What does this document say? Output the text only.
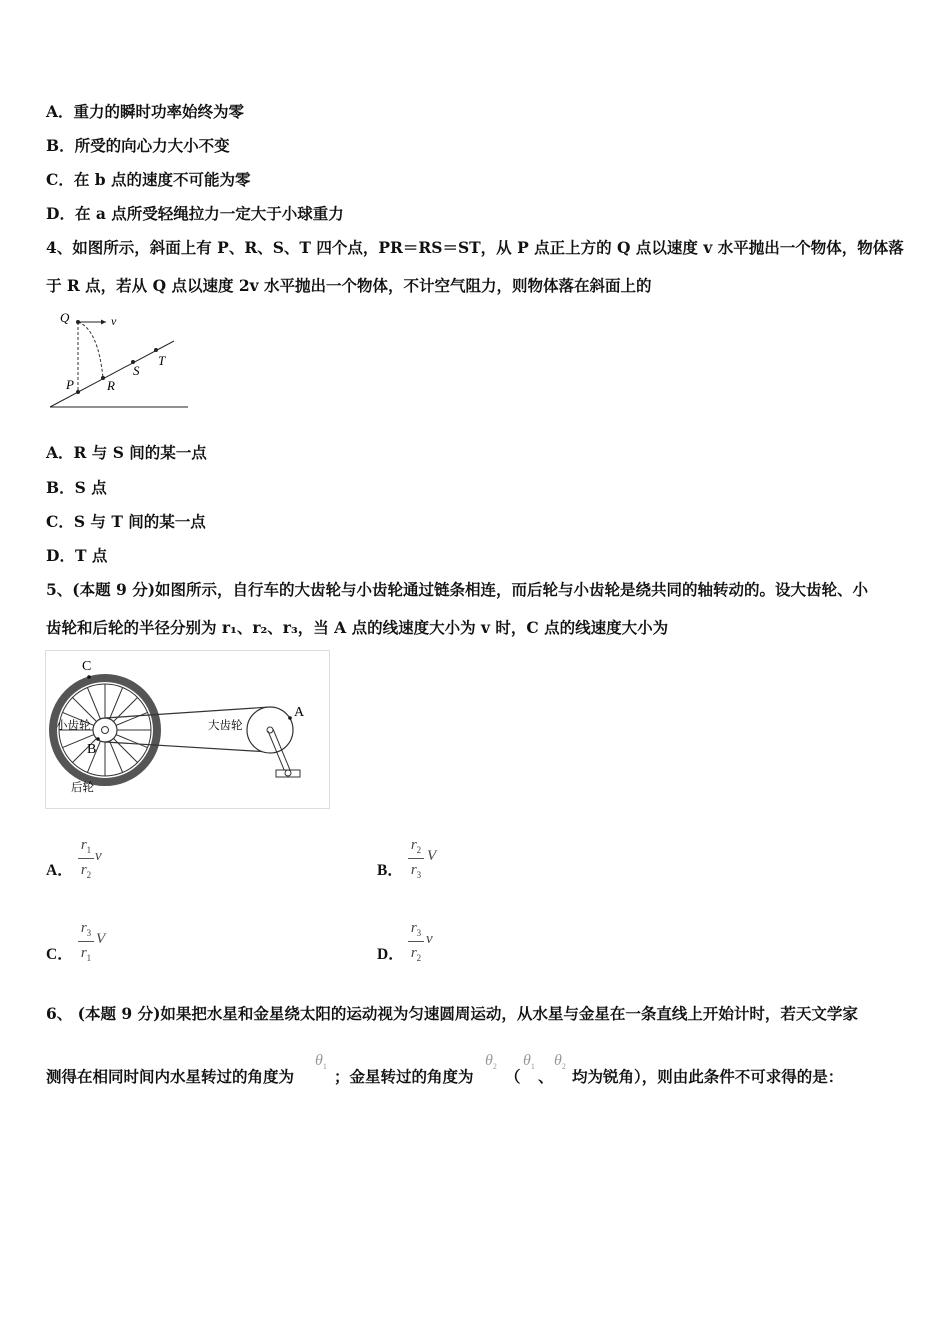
A．重力的瞬时功率始终为零
B．所受的向心力大小不变
C．在 b 点的速度不可能为零
D．在 a 点所受轻绳拉力一定大于小球重力
4、如图所示，斜面上有 P、R、S、T 四个点，PR＝RS＝ST，从 P 点正上方的 Q 点以速度 v 水平抛出一个物体，物体落
于 R 点，若从 Q 点以速度 2v 水平抛出一个物体，不计空气阻力，则物体落在斜面上的
Q	v
P	R
S
T
A．R 与 S 间的某一点
B．S 点
C．S 与 T 间的某一点
D．T 点
5、(本题 9 分)如图所示，自行车的大齿轮与小齿轮通过链条相连，而后轮与小齿轮是绕共同的轴转动的。设大齿轮、小
齿轮和后轮的半径分别为 r₁、r₂、r₃，当 A 点的线速度大小为 v 时，C 点的线速度大小为
C
A
B
小齿轮	大齿轮
后轮
A．
$r_1$
$r_2$
v
B．
$r_2$
$r_3$
V
C．
$r_3$
$r_1$
V
D．
$r_3$
$r_2$
v
6、 (本题 9 分)如果把水星和金星绕太阳的运动视为匀速圆周运动，从水星与金星在一条直线上开始计时，若天文学家
测得在相同时间内水星转过的角度为
$\theta_1$
；金星转过的角度为
$\theta_2$
（
$\theta_1$
、
$\theta_2$
均为锐角），则由此条件不可求得的是：
